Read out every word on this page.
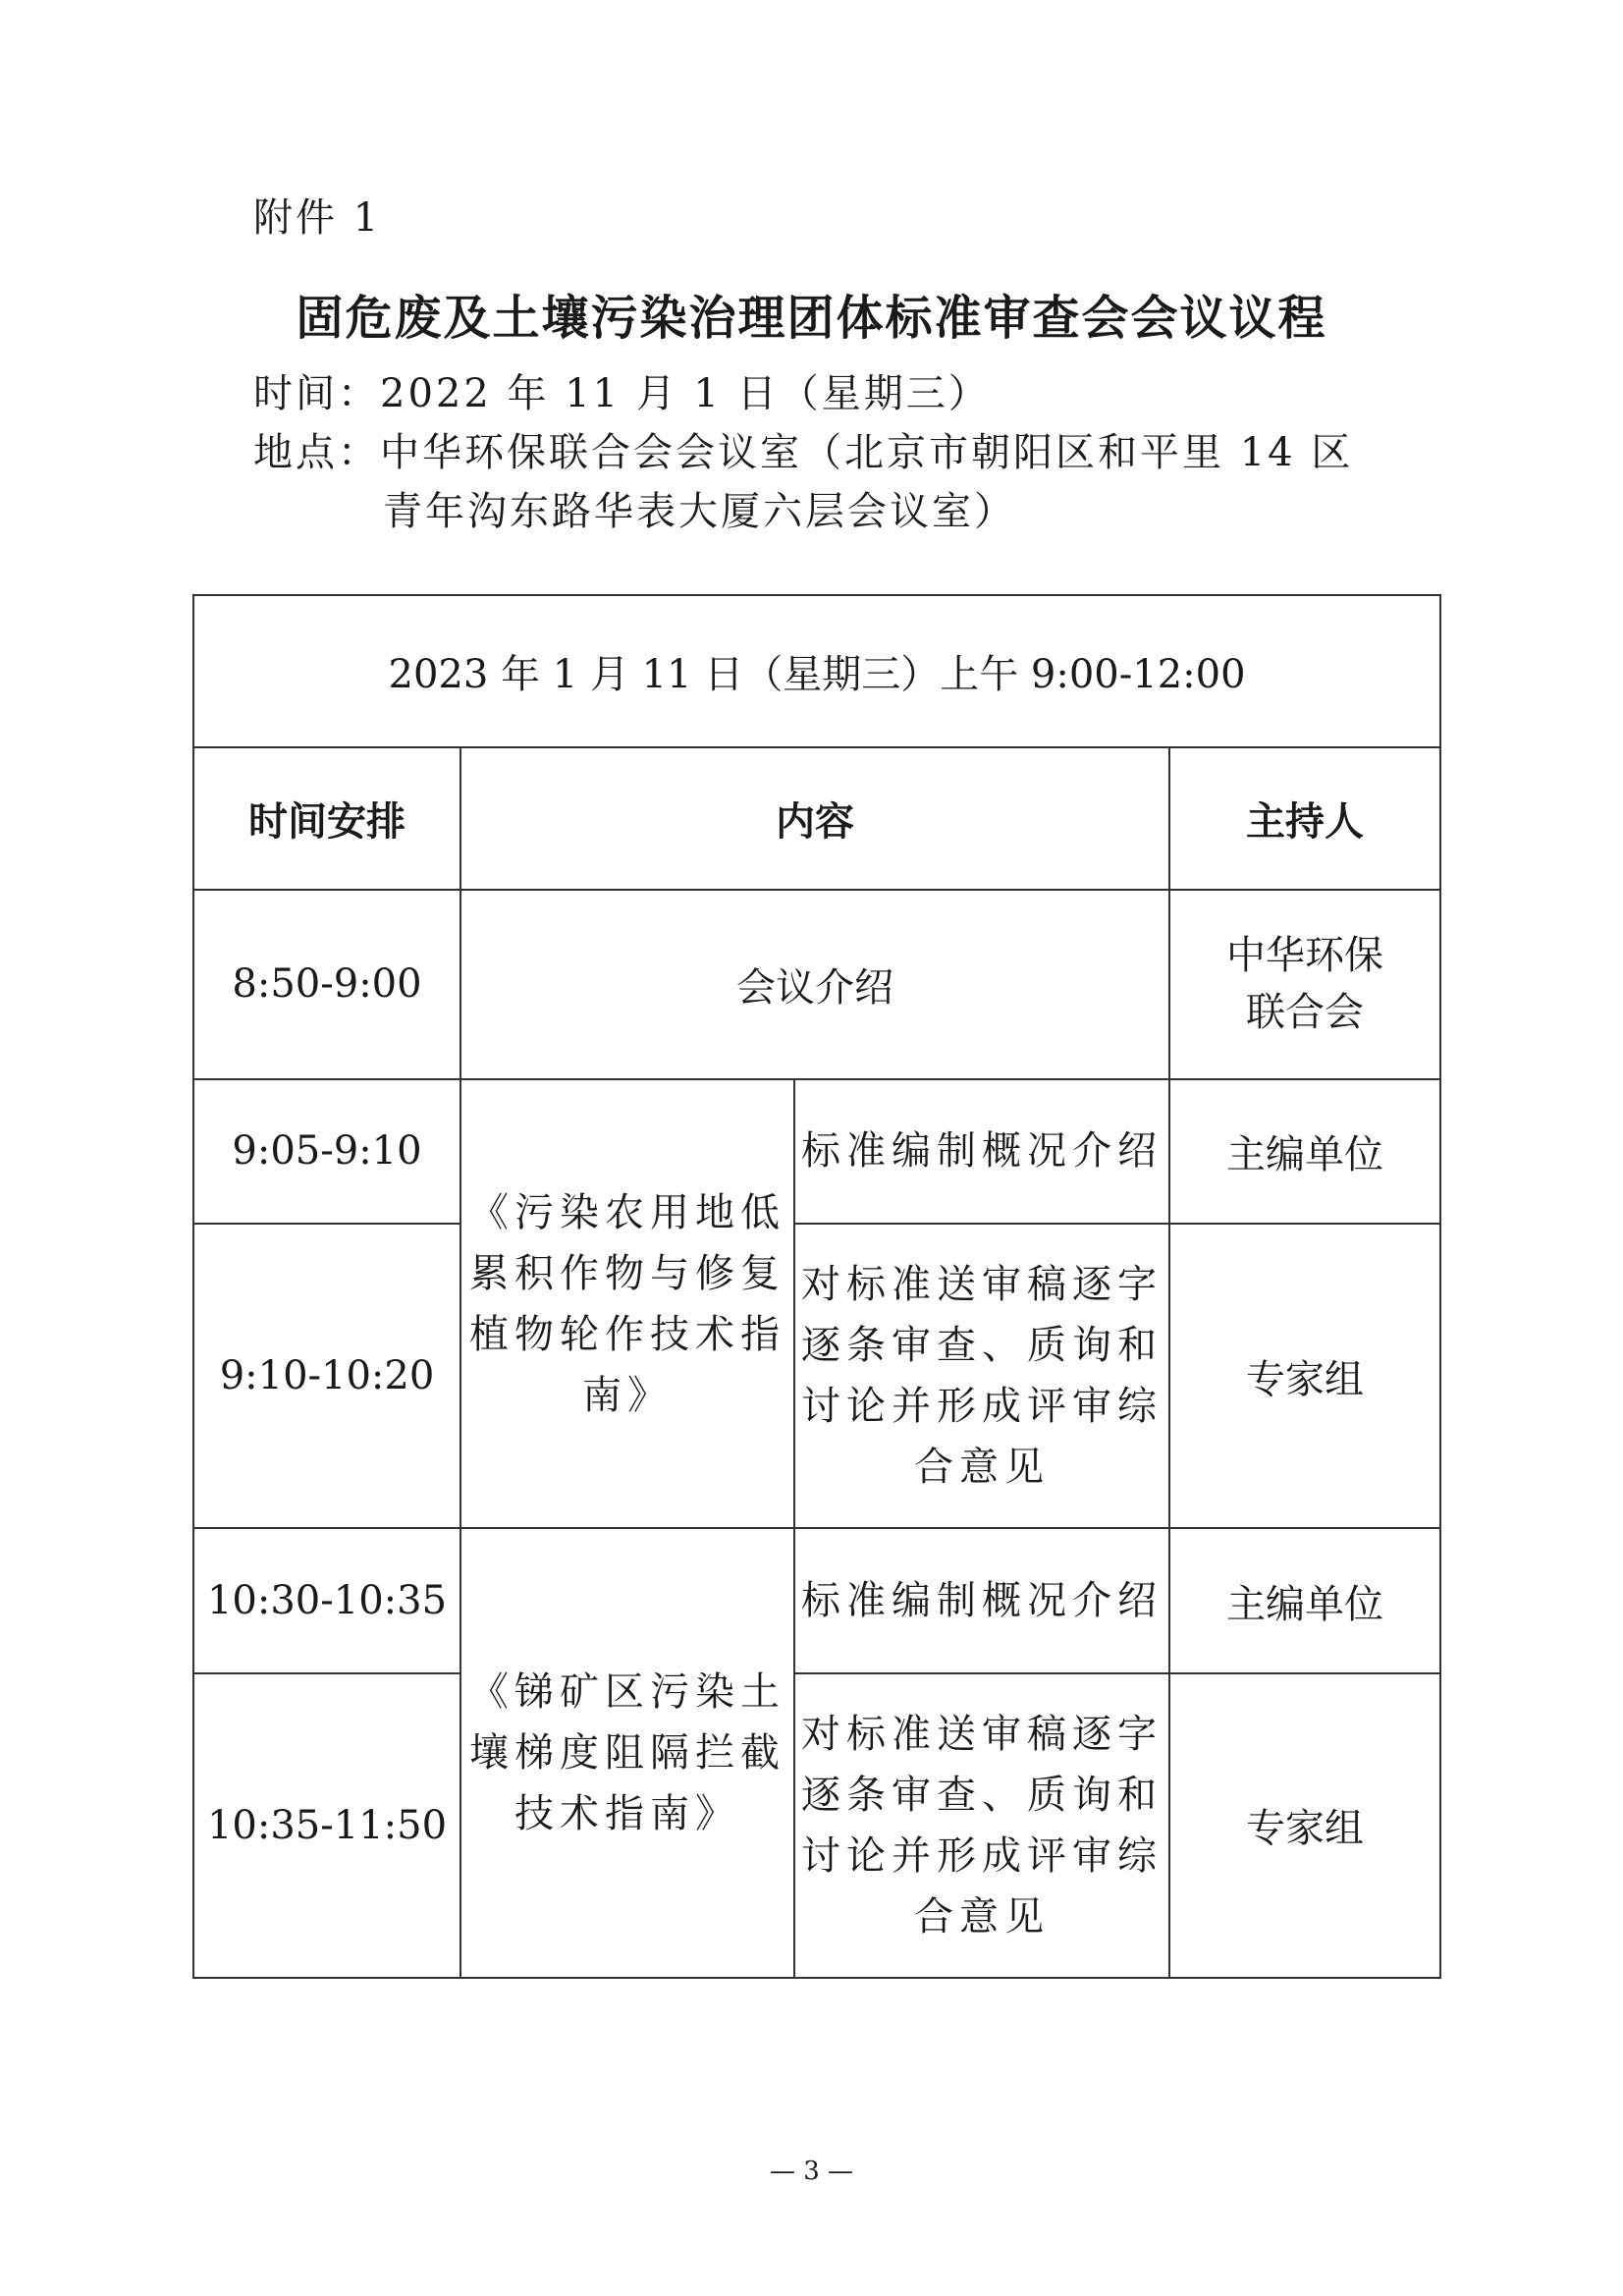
附件 1
固危废及土壤污染治理团体标准审查会会议议程
时间：2022 年 11 月 1 日（星期三）
地点：中华环保联合会会议室（北京市朝阳区和平里 14 区
青年沟东路华表大厦六层会议室）
2023 年 1 月 11 日（星期三）上午 9:00-12:00			
时间安排	内容		主持人
8:50-9:00	会议介绍		中华环保联合会
9:05-9:10	《污染农用地低累积作物与修复植物轮作技术指南》	标准编制概况介绍	主编单位
9:10-10:20		对标准送审稿逐字逐条审查、质询和讨论并形成评审综合意见	专家组
10:30-10:35	《锑矿区污染土壤梯度阻隔拦截技术指南》	标准编制概况介绍	主编单位
10:35-11:50		对标准送审稿逐字逐条审查、质询和讨论并形成评审综合意见	专家组
— 3 —
